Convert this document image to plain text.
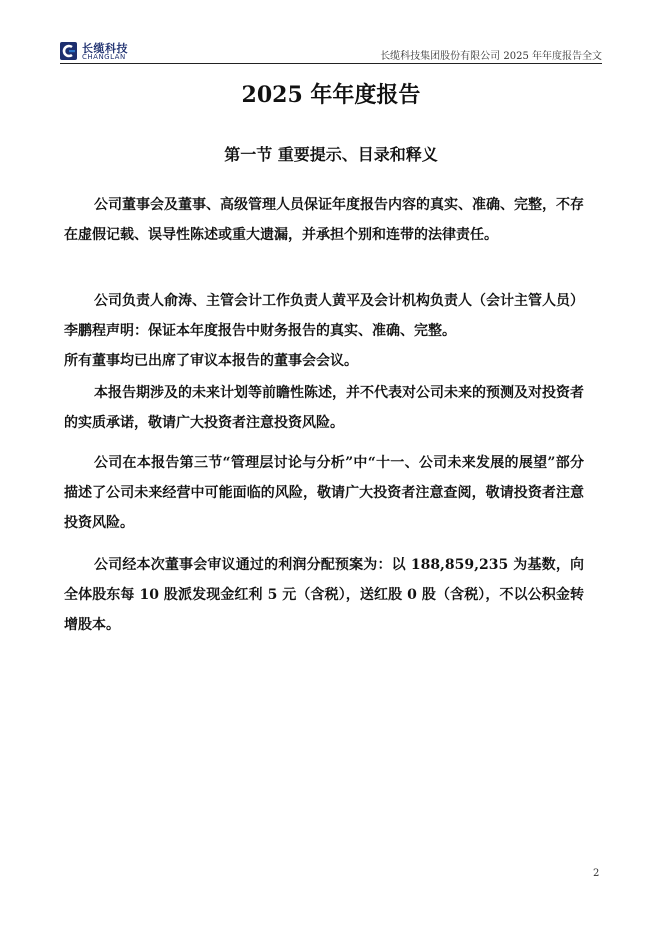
长缆科技
CHANGLAN	长缆科技集团股份有限公司 2025 年年度报告全文
2025 年年度报告
第一节 重要提示、目录和释义
公司董事会及董事、高级管理人员保证年度报告内容的真实、准确、完整，不存在虚假记载、误导性陈述或重大遗漏，并承担个别和连带的法律责任。
公司负责人俞涛、主管会计工作负责人黄平及会计机构负责人（会计主管人员）李鹏程声明：保证本年度报告中财务报告的真实、准确、完整。
所有董事均已出席了审议本报告的董事会会议。
本报告期涉及的未来计划等前瞻性陈述，并不代表对公司未来的预测及对投资者的实质承诺，敬请广大投资者注意投资风险。
公司在本报告第三节“管理层讨论与分析”中“十一、公司未来发展的展望”部分描述了公司未来经营中可能面临的风险，敬请广大投资者注意查阅，敬请投资者注意投资风险。
公司经本次董事会审议通过的利润分配预案为：以 188,859,235 为基数，向全体股东每 10 股派发现金红利 5 元（含税），送红股 0 股（含税），不以公积金转增股本。
2
